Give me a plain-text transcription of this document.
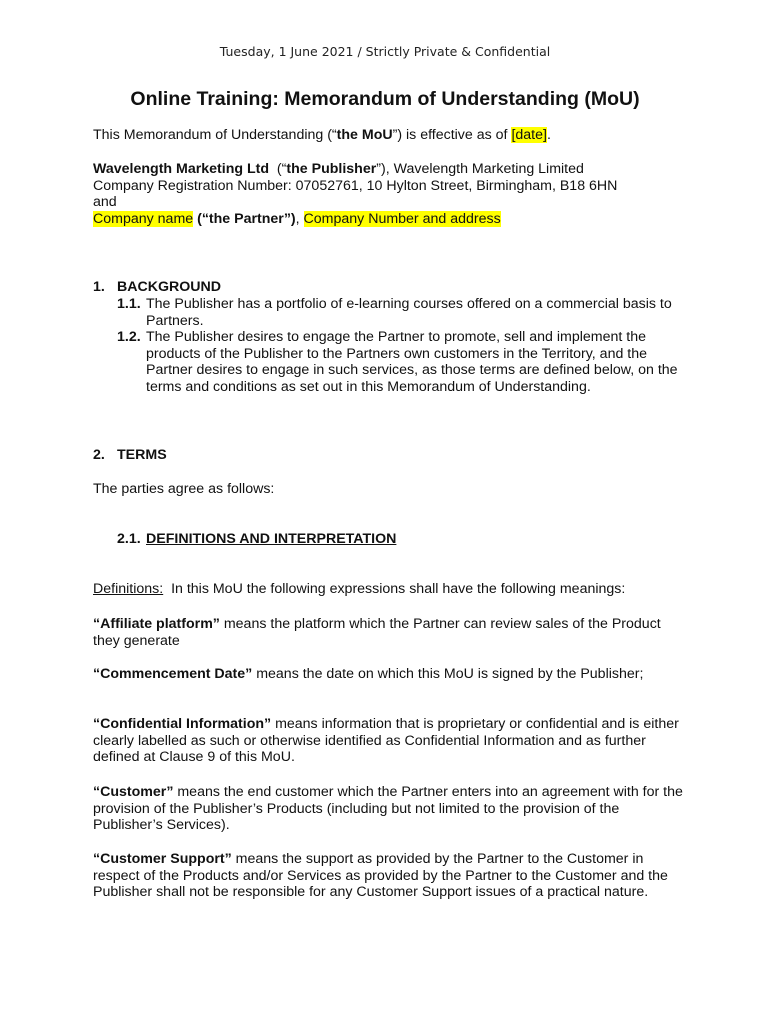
Tuesday, 1 June 2021 / Strictly Private & Confidential
Online Training: Memorandum of Understanding (MoU)
This Memorandum of Understanding (“the MoU”) is effective as of [date].
Wavelength Marketing Ltd  (“the Publisher”), Wavelength Marketing Limited
Company Registration Number: 07052761, 10 Hylton Street, Birmingham, B18 6HN
and
Company name (“the Partner”), Company Number and address
1. BACKGROUND
1.1. The Publisher has a portfolio of e-learning courses offered on a commercial basis to Partners.
1.2. The Publisher desires to engage the Partner to promote, sell and implement the products of the Publisher to the Partners own customers in the Territory, and the Partner desires to engage in such services, as those terms are defined below, on the terms and conditions as set out in this Memorandum of Understanding.
2. TERMS
The parties agree as follows:
2.1. DEFINITIONS AND INTERPRETATION
Definitions:  In this MoU the following expressions shall have the following meanings:
“Affiliate platform” means the platform which the Partner can review sales of the Product they generate
“Commencement Date” means the date on which this MoU is signed by the Publisher;
“Confidential Information” means information that is proprietary or confidential and is either clearly labelled as such or otherwise identified as Confidential Information and as further defined at Clause 9 of this MoU.
“Customer” means the end customer which the Partner enters into an agreement with for the provision of the Publisher’s Products (including but not limited to the provision of the Publisher’s Services).
“Customer Support” means the support as provided by the Partner to the Customer in respect of the Products and/or Services as provided by the Partner to the Customer and the Publisher shall not be responsible for any Customer Support issues of a practical nature.
